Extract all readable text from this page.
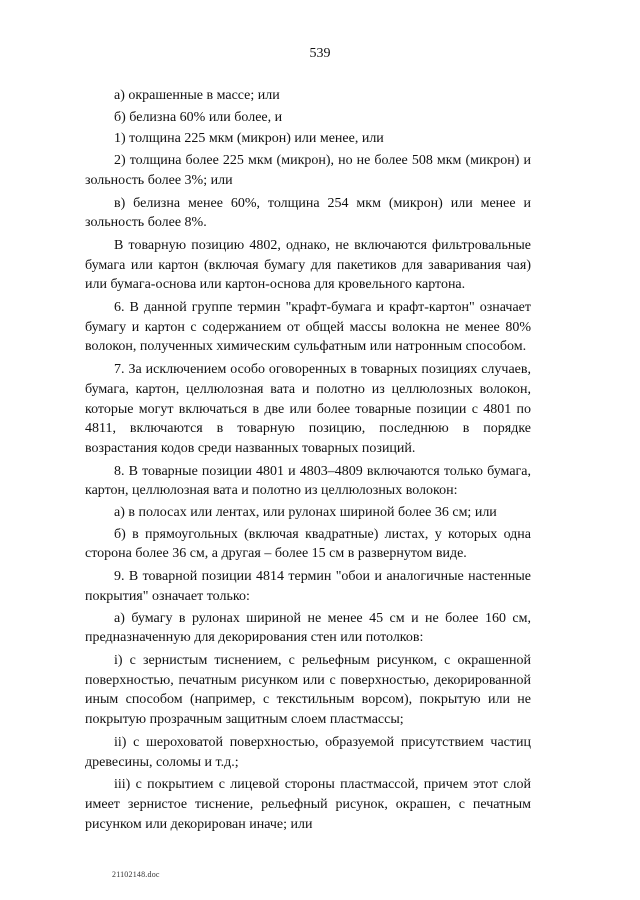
539

а) окрашенные в массе; или

б) белизна 60% или более, и

1) толщина 225 мкм (микрон) или менее, или

2) толщина более 225 мкм (микрон), но не более 508 мкм (микрон) и зольность более 3%; или

в) белизна менее 60%, толщина 254 мкм (микрон) или менее и зольность более 8%.

В товарную позицию 4802, однако, не включаются фильтровальные бумага или картон (включая бумагу для пакетиков для заваривания чая) или бумага-основа или картон-основа для кровельного картона.

6. В данной группе термин "крафт-бумага и крафт-картон" означает бумагу и картон с содержанием от общей массы волокна не менее 80% волокон, полученных химическим сульфатным или натронным способом.

7. За исключением особо оговоренных в товарных позициях случаев, бумага, картон, целлюлозная вата и полотно из целлюлозных волокон, которые могут включаться в две или более товарные позиции с 4801 по 4811, включаются в товарную позицию, последнюю в порядке возрастания кодов среди названных товарных позиций.

8. В товарные позиции 4801 и 4803–4809 включаются только бумага, картон, целлюлозная вата и полотно из целлюлозных волокон:

а) в полосах или лентах, или рулонах шириной более 36 см; или

б) в прямоугольных (включая квадратные) листах, у которых одна сторона более 36 см, а другая – более 15 см в развернутом виде.

9. В товарной позиции 4814 термин "обои и аналогичные настенные покрытия" означает только:

а) бумагу в рулонах шириной не менее 45 см и не более 160 см, предназначенную для декорирования стен или потолков:

i) с зернистым тиснением, с рельефным рисунком, с окрашенной поверхностью, печатным рисунком или с поверхностью, декорированной иным способом (например, с текстильным ворсом), покрытую или не покрытую прозрачным защитным слоем пластмассы;

ii) с шероховатой поверхностью, образуемой присутствием частиц древесины, соломы и т.д.;

iii) с покрытием с лицевой стороны пластмассой, причем этот слой имеет зернистое тиснение, рельефный рисунок, окрашен, с печатным рисунком или декорирован иначе; или

21102148.doc
